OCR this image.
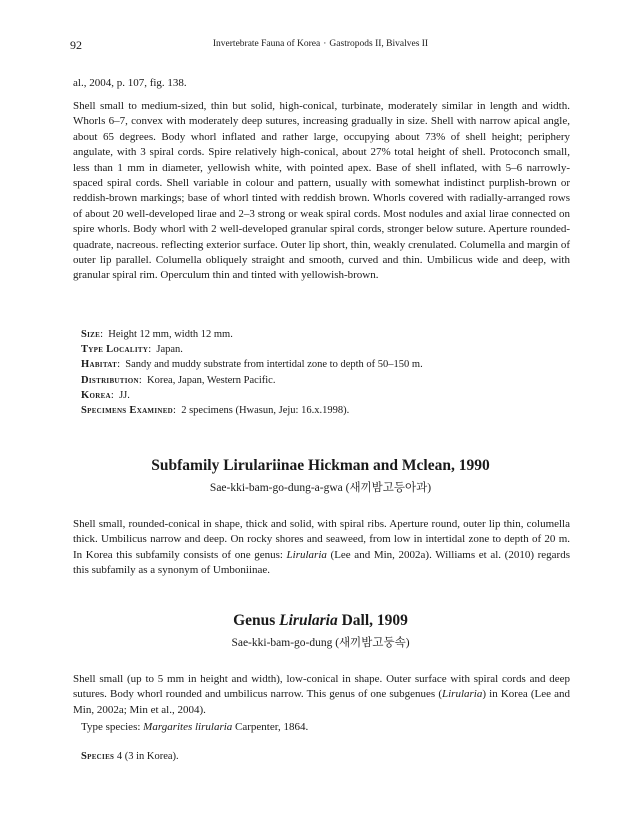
92	Invertebrate Fauna of Korea · Gastropods II, Bivalves II
al., 2004, p. 107, fig. 138.
Shell small to medium-sized, thin but solid, high-conical, turbinate, moderately similar in length and width. Whorls 6–7, convex with moderately deep sutures, increasing gradually in size. Shell with narrow apical angle, about 65 degrees. Body whorl inflated and rather large, occupying about 73% of shell height; periphery angulate, with 3 spiral cords. Spire relatively high-conical, about 27% total height of shell. Protoconch small, less than 1 mm in diameter, yellowish white, with pointed apex. Base of shell inflated, with 5–6 narrowly-spaced spiral cords. Shell variable in colour and pattern, usually with somewhat indistinct purplish-brown or reddish-brown markings; base of whorl tinted with reddish brown. Whorls covered with radially-arranged rows of about 20 well-developed lirae and 2–3 strong or weak spiral cords. Most nodules and axial lirae connected on spire whorls. Body whorl with 2 well-developed granular spiral cords, stronger below suture. Aperture rounded-quadrate, nacreous. reflecting exterior surface. Outer lip short, thin, weakly crenulated. Columella and margin of outer lip parallel. Columella obliquely straight and smooth, curved and thin. Umbilicus wide and deep, with granular spiral rim. Operculum thin and tinted with yellowish-brown.
Size:  Height 12 mm, width 12 mm.
Type Locality:  Japan.
Habitat:  Sandy and muddy substrate from intertidal zone to depth of 50–150 m.
Distribution:  Korea, Japan, Western Pacific.
Korea:  JJ.
Specimens Examined:  2 specimens (Hwasun, Jeju: 16.x.1998).
Subfamily Lirulariinae Hickman and Mclean, 1990
Sae-kki-bam-go-dung-a-gwa (새끼밤고등아과)
Shell small, rounded-conical in shape, thick and solid, with spiral ribs. Aperture round, outer lip thin, columella thick. Umbilicus narrow and deep. On rocky shores and seaweed, from low in intertidal zone to depth of 20 m. In Korea this subfamily consists of one genus: Lirularia (Lee and Min, 2002a). Williams et al. (2010) regards this subfamily as a synonym of Umboniinae.
Genus Lirularia Dall, 1909
Sae-kki-bam-go-dung (새끼밤고둥속)
Shell small (up to 5 mm in height and width), low-conical in shape. Outer surface with spiral cords and deep sutures. Body whorl rounded and umbilicus narrow. This genus of one subgenues (Lirularia) in Korea (Lee and Min, 2002a; Min et al., 2004).
Type species: Margarites lirularia Carpenter, 1864.
Species 4 (3 in Korea).
